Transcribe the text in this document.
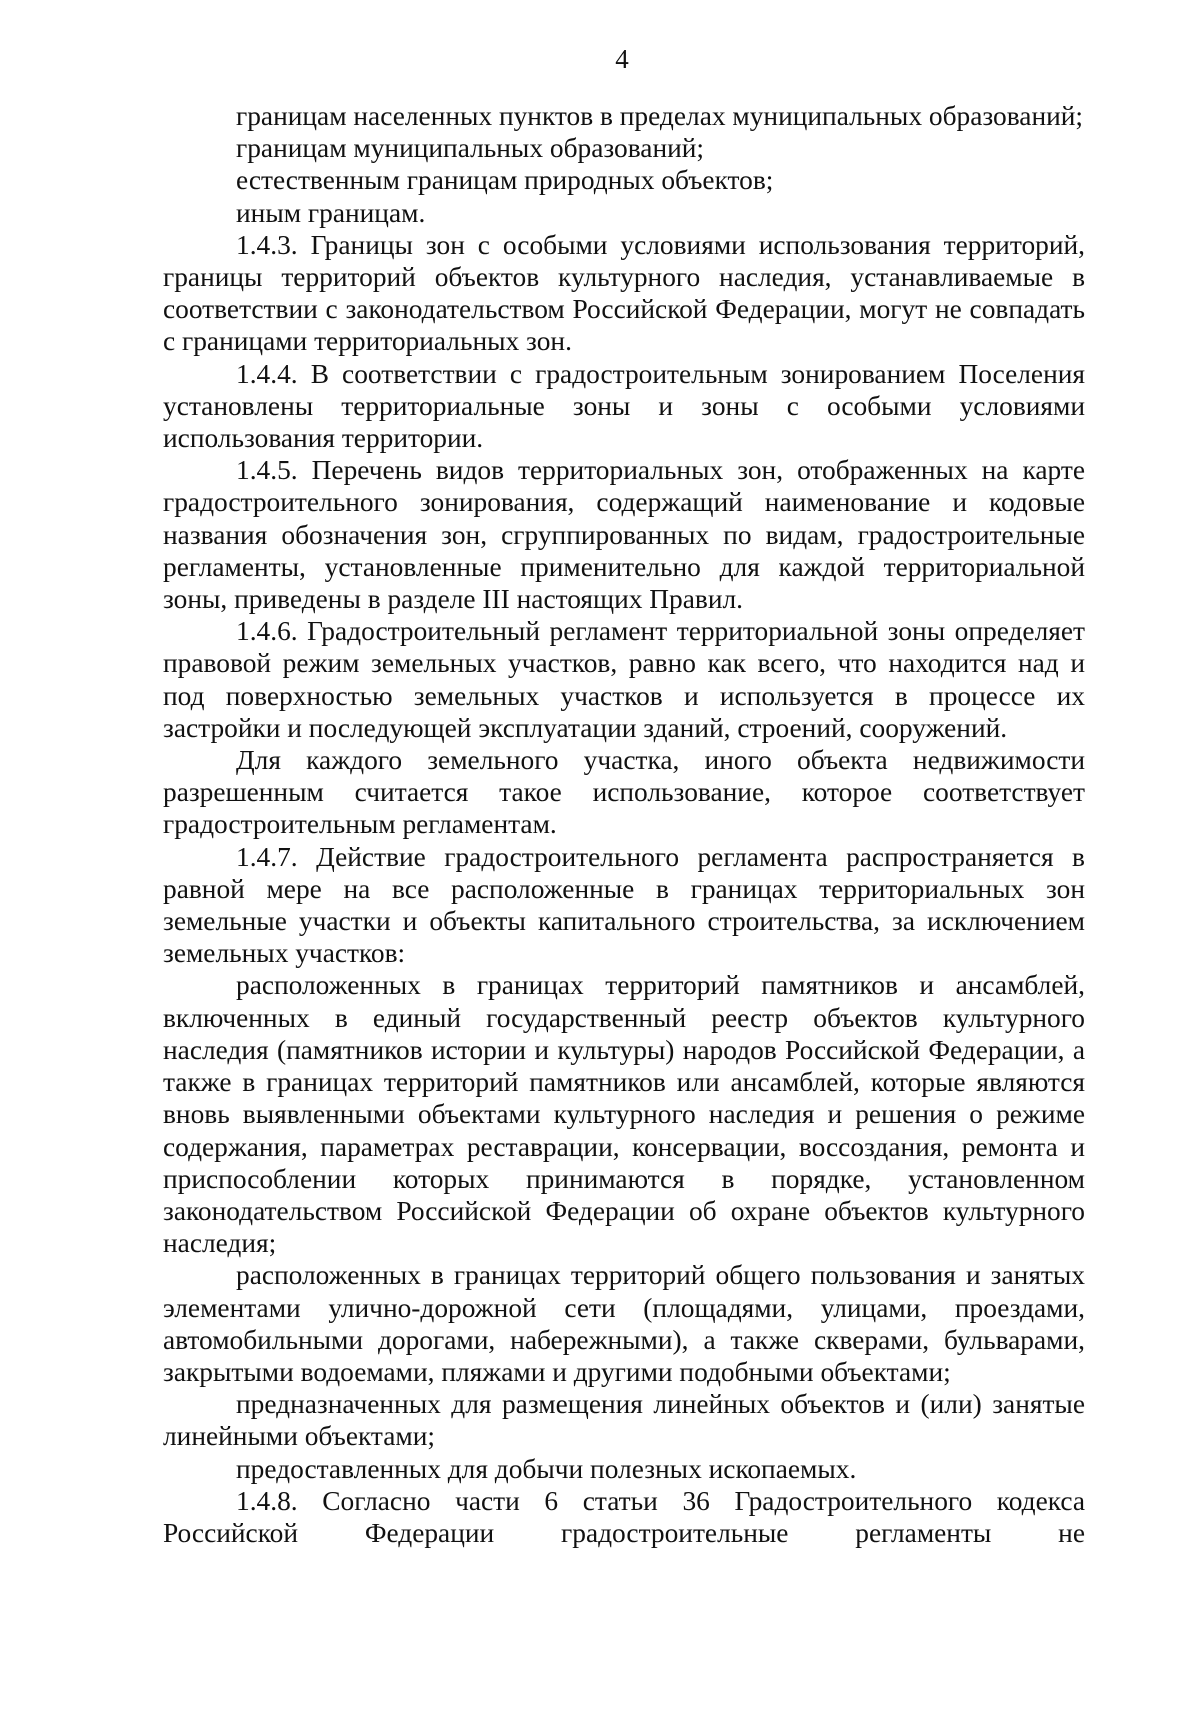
4

границам населенных пунктов в пределах муниципальных образований;

границам муниципальных образований;

естественным границам природных объектов;

иным границам.

1.4.3. Границы зон с особыми условиями использования территорий, границы территорий объектов культурного наследия, устанавливаемые в соответствии с законодательством Российской Федерации, могут не совпадать с границами территориальных зон.

1.4.4. В соответствии с градостроительным зонированием Поселения установлены территориальные зоны и зоны с особыми условиями использования территории.

1.4.5. Перечень видов территориальных зон, отображенных на карте градостроительного зонирования, содержащий наименование и кодовые названия обозначения зон, сгруппированных по видам, градостроительные регламенты, установленные применительно для каждой территориальной зоны, приведены в разделе III настоящих Правил.

1.4.6. Градостроительный регламент территориальной зоны определяет правовой режим земельных участков, равно как всего, что находится над и под поверхностью земельных участков и используется в процессе их застройки и последующей эксплуатации зданий, строений, сооружений.

Для каждого земельного участка, иного объекта недвижимости разрешенным считается такое использование, которое соответствует градостроительным регламентам.

1.4.7. Действие градостроительного регламента распространяется в равной мере на все расположенные в границах территориальных зон земельные участки и объекты капитального строительства, за исключением земельных участков:

расположенных в границах территорий памятников и ансамблей, включенных в единый государственный реестр объектов культурного наследия (памятников истории и культуры) народов Российской Федерации, а также в границах территорий памятников или ансамблей, которые являются вновь выявленными объектами культурного наследия и решения о режиме содержания, параметрах реставрации, консервации, воссоздания, ремонта и приспособлении которых принимаются в порядке, установленном законодательством Российской Федерации об охране объектов культурного наследия;

расположенных в границах территорий общего пользования и занятых элементами улично-дорожной сети (площадями, улицами, проездами, автомобильными дорогами, набережными), а также скверами, бульварами, закрытыми водоемами, пляжами и другими подобными объектами;

предназначенных для размещения линейных объектов и (или) занятые линейными объектами;

предоставленных для добычи полезных ископаемых.

1.4.8. Согласно части 6 статьи 36 Градостроительного кодекса Российской Федерации градостроительные регламенты не
